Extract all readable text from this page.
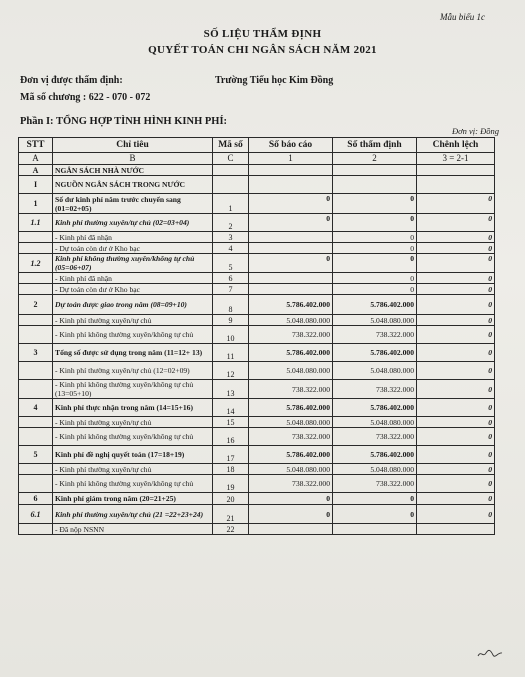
Mẫu biểu 1c
SỐ LIỆU THẨM ĐỊNH
QUYẾT TOÁN CHI NGÂN SÁCH NĂM 2021
Đơn vị được thẩm định:	Trường Tiểu học Kim Đồng
Mã số chương : 622 - 070 - 072
Phần I: TỔNG HỢP TÌNH HÌNH KINH PHÍ:
Đơn vị: Đồng
STT	Chỉ tiêu	Mã số	Số báo cáo	Số thẩm định	Chênh lệch
A	B	C	1	2	3 = 2-1
A	NGÂN SÁCH NHÀ NƯỚC				
I	NGUỒN NGÂN SÁCH TRONG NƯỚC				
1	Số dư kinh phí năm trước chuyển sang (01=02+05)	1	0	0	0
1.1	Kinh phí thường xuyên/tự chủ (02=03+04)	2	0	0	0
	- Kinh phí đã nhận	3		0	0
	- Dự toán còn dư ở Kho bạc	4		0	0
1.2	Kinh phí không thường xuyên/không tự chủ (05=06+07)	5	0	0	0
	- Kinh phí đã nhận	6		0	0
	- Dự toán còn dư ở Kho bạc	7		0	0
2	Dự toán được giao trong năm (08=09+10)	8	5.786.402.000	5.786.402.000	0
	- Kinh phí thường xuyên/tự chủ	9	5.048.080.000	5.048.080.000	0
	- Kinh phí không thường xuyên/không tự chủ	10	738.322.000	738.322.000	0
3	Tổng số được sử dụng trong năm (11=12+ 13)	11	5.786.402.000	5.786.402.000	0
	- Kinh phí thường xuyên/tự chủ (12=02+09)	12	5.048.080.000	5.048.080.000	0
	- Kinh phí không thường xuyên/không tự chủ (13=05+10)	13	738.322.000	738.322.000	0
4	Kinh phí thực nhận trong năm (14=15+16)	14	5.786.402.000	5.786.402.000	0
	- Kinh phí thường xuyên/tự chủ	15	5.048.080.000	5.048.080.000	0
	- Kinh phí không thường xuyên/không tự chủ	16	738.322.000	738.322.000	0
5	Kinh phí đề nghị quyết toán (17=18+19)	17	5.786.402.000	5.786.402.000	0
	- Kinh phí thường xuyên/tự chủ	18	5.048.080.000	5.048.080.000	0
	- Kinh phí không thường xuyên/không tự chủ	19	738.322.000	738.322.000	0
6	Kinh phí giảm trong năm (20=21+25)	20	0	0	0
6.1	Kinh phí thường xuyên/tự chủ (21 =22+23+24)	21	0	0	0
	- Đã nộp NSNN	22			
